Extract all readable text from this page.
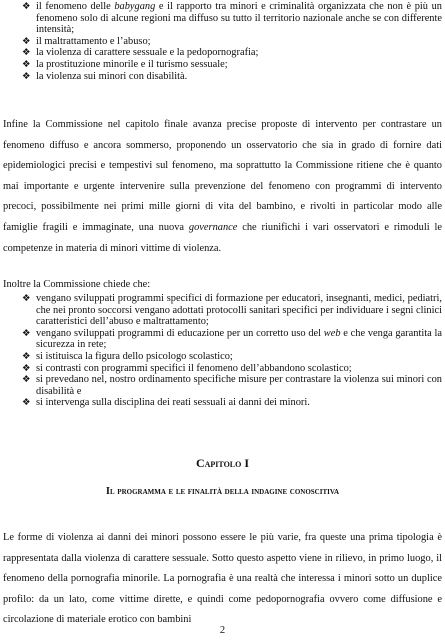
❖ il fenomeno delle babygang e il rapporto tra minori e criminalità organizzata che non è più un fenomeno solo di alcune regioni ma diffuso su tutto il territorio nazionale anche se con differente intensità;
❖ il maltrattamento e l’abuso;
❖ la violenza di carattere sessuale e la pedopornografia;
❖ la prostituzione minorile e il turismo sessuale;
❖ la violenza sui minori con disabilità.

Infine la Commissione nel capitolo finale avanza precise proposte di intervento per contrastare un fenomeno diffuso e ancora sommerso, proponendo un osservatorio che sia in grado di fornire dati epidemiologici precisi e tempestivi sul fenomeno, ma soprattutto la Commissione ritiene che è quanto mai importante e urgente intervenire sulla prevenzione del fenomeno con programmi di intervento precoci, possibilmente nei primi mille giorni di vita del bambino, e rivolti in particolar modo alle famiglie fragili e immaginate, una nuova governance che riunifichi i vari osservatori e rimoduli le competenze in materia di minori vittime di violenza.

Inoltre la Commissione chiede che:

❖ vengano sviluppati programmi specifici di formazione per educatori, insegnanti, medici, pediatri, che nei pronto soccorsi vengano adottati protocolli sanitari specifici per individuare i segni clinici caratteristici dell’abuso e maltrattamento;
❖ vengano sviluppati programmi di educazione per un corretto uso del web e che venga garantita la sicurezza in rete;
❖ si istituisca la figura dello psicologo scolastico;
❖ si contrasti con programmi specifici il fenomeno dell’abbandono scolastico;
❖ si prevedano nel, nostro ordinamento specifiche misure per contrastare la violenza sui minori con disabilità e
❖ si intervenga sulla disciplina dei reati sessuali ai danni dei minori.

Capitolo I

Il programma e le finalità della indagine conoscitiva

Le forme di violenza ai danni dei minori possono essere le più varie, fra queste una prima tipologia è rappresentata dalla violenza di carattere sessuale. Sotto questo aspetto viene in rilievo, in primo luogo, il fenomeno della pornografia minorile. La pornografia è una realtà che interessa i minori sotto un duplice profilo: da un lato, come vittime dirette, e quindi come pedopornografia ovvero come diffusione e circolazione di materiale erotico con bambini

2
